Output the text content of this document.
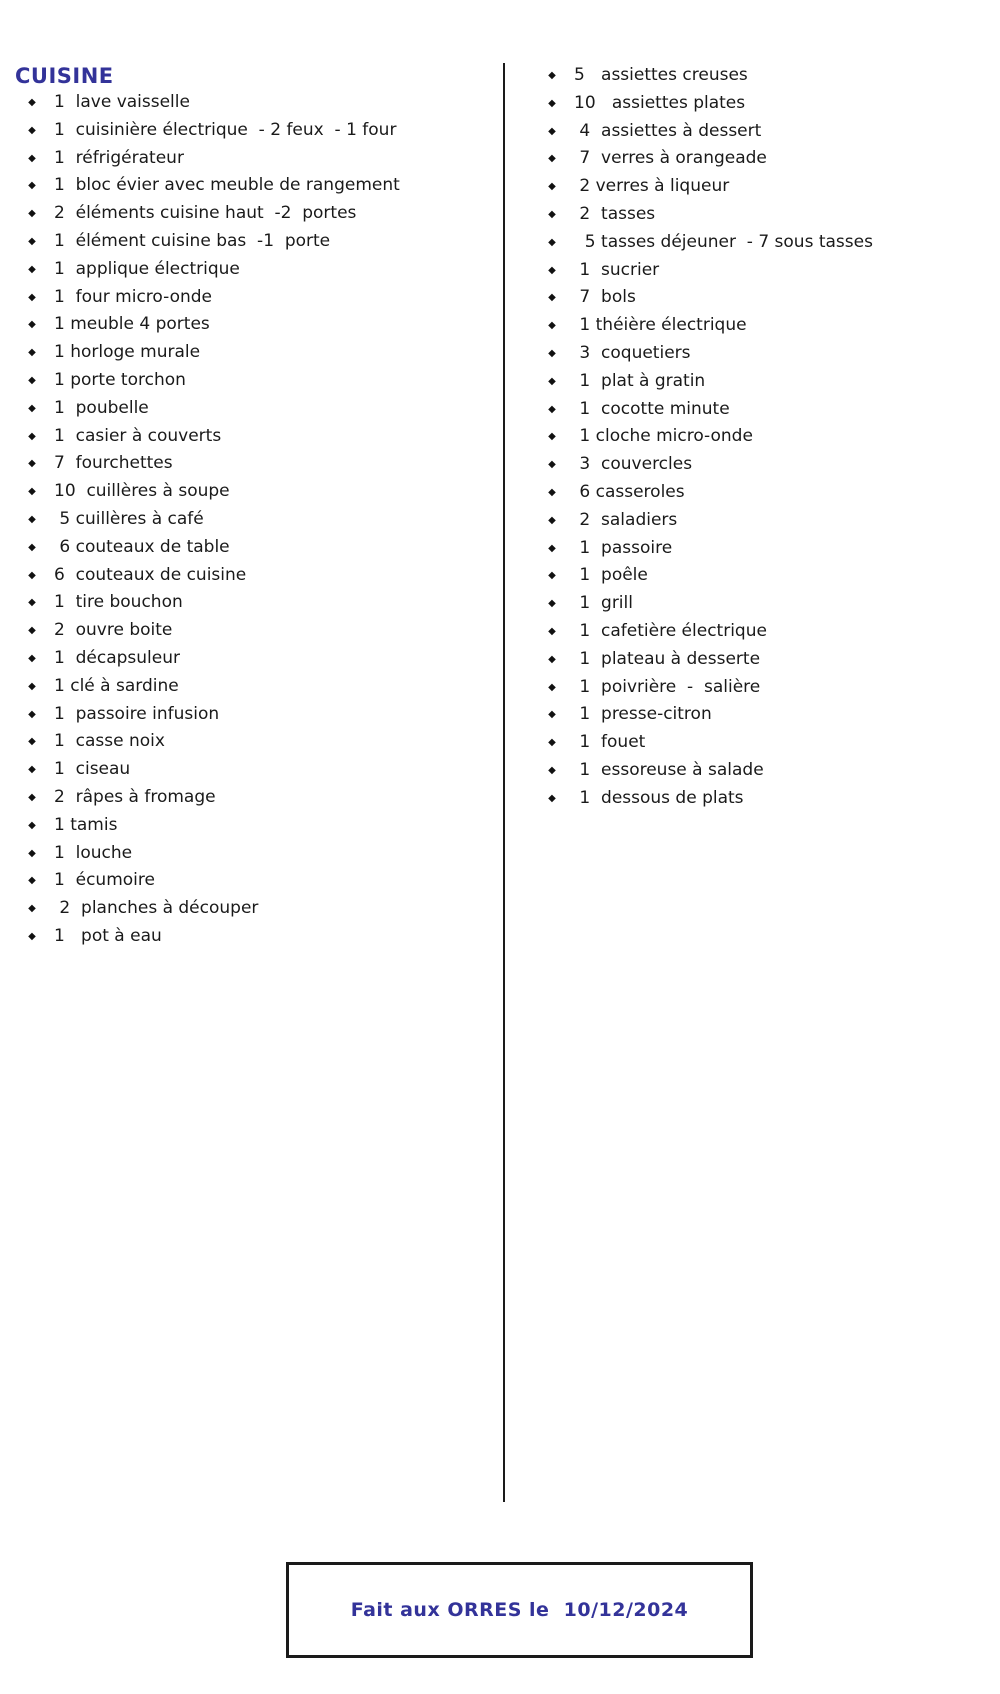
CUISINE
◆	1  lave vaisselle
◆	1  cuisinière électrique  - 2 feux  - 1 four
◆	1  réfrigérateur
◆	1  bloc évier avec meuble de rangement
◆	2  éléments cuisine haut  -2  portes
◆	1  élément cuisine bas  -1  porte
◆	1  applique électrique
◆	1  four micro-onde
◆	1 meuble 4 portes
◆	1 horloge murale
◆	1 porte torchon
◆	1  poubelle
◆	1  casier à couverts
◆	7  fourchettes
◆	10  cuillères à soupe
◆	5 cuillères à café
◆	6 couteaux de table
◆	6  couteaux de cuisine
◆	1  tire bouchon
◆	2  ouvre boite
◆	1  décapsuleur
◆	1 clé à sardine
◆	1  passoire infusion
◆	1  casse noix
◆	1  ciseau
◆	2  râpes à fromage
◆	1 tamis
◆	1  louche
◆	1  écumoire
◆	2  planches à découper
◆	1   pot à eau
◆	5   assiettes creuses
◆	10   assiettes plates
◆	4  assiettes à dessert
◆	7  verres à orangeade
◆	2 verres à liqueur
◆	2  tasses
◆	5 tasses déjeuner  - 7 sous tasses
◆	1  sucrier
◆	7  bols
◆	1 théière électrique
◆	3  coquetiers
◆	1  plat à gratin
◆	1  cocotte minute
◆	1 cloche micro-onde
◆	3  couvercles
◆	6 casseroles
◆	2  saladiers
◆	1  passoire
◆	1  poêle
◆	1  grill
◆	1  cafetière électrique
◆	1  plateau à desserte
◆	1  poivrière  -  salière
◆	1  presse-citron
◆	1  fouet
◆	1  essoreuse à salade
◆	1  dessous de plats
Fait aux ORRES le  10/12/2024
